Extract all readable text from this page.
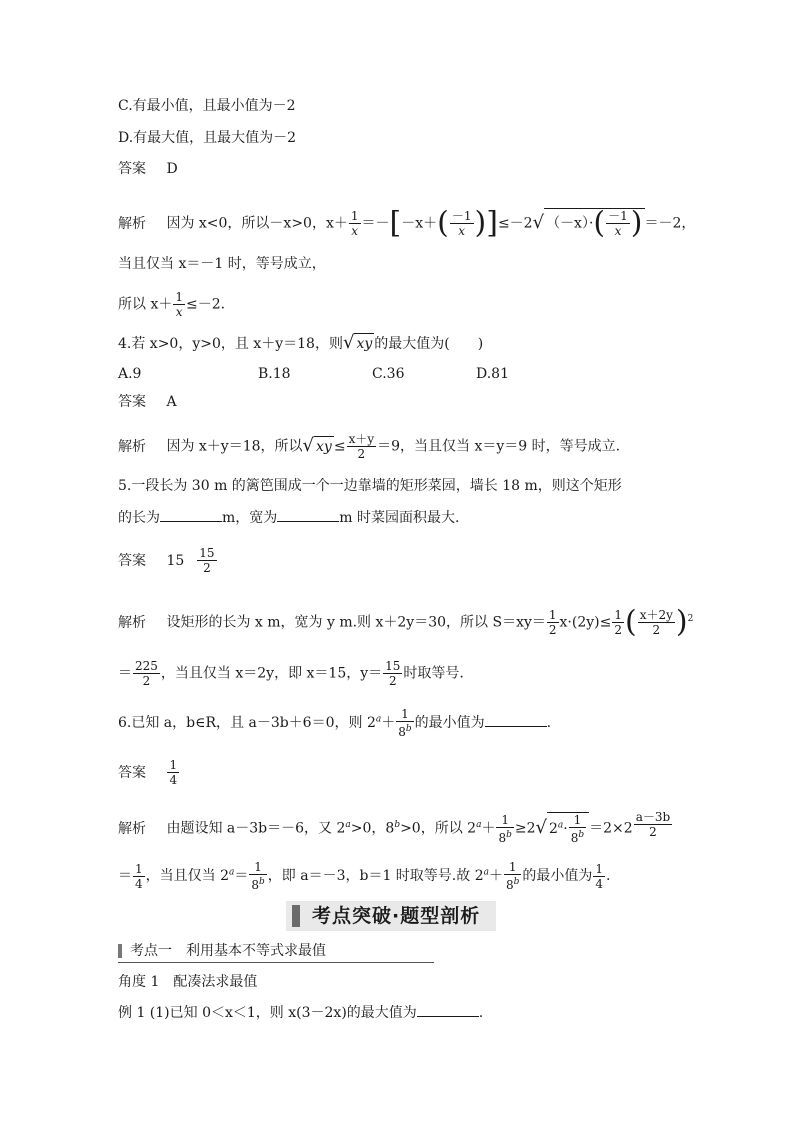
C.有最小值，且最小值为－2
D.有最大值，且最大值为－2
答案 D
解析 因为 x<0，所以－x>0，$x+ \frac{1}{x} =-[-x+( \frac{-1}{x} )]\le-2√$ $(-x)\cdot( \frac{-1}{x}$ ) ＝－2，
当且仅当 x＝－1 时，等号成立，
所以 $x+ \frac{1}{x} \le-2$.
4.若 x>0，y>0，且 x＋y＝18，则√ xy 的最大值为(　　)
A.9	B.18	C.36	D.81
答案 A
解析 因为 x＋y＝18，所以√ xy ≤ $\frac{x+y}{2} =9$，当且仅当 x＝y＝9 时，等号成立.
5.一段长为 30 m 的篱笆围成一个一边靠墙的矩形菜园，墙长 18 m，则这个矩形
的长为	m，宽为	m 时菜园面积最大.
答案 $15 \frac{15}{2}$
解析 设矩形的长为 x m，宽为 y m.则 x＋2y＝30，所以 $S=xy= \frac{1}{2} x\cdot(2y)\le \frac{1}{2}$ ( $\frac{x+2y}{2} )^2$
＝ $\frac{225}{2}$ ，当且仅当 x＝2y，即 x＝15，$y= \frac{15}{2}$ 时取等号.
6.已知 a，b∈R，且 a－3b＋6＝0，则 $2^a+ \frac{1}{8^b}$ 的最小值为	.
答案 $\frac{1}{4}$
解析 由题设知 a－3b＝－6，又 $2^a>0$，$8^b>0$，所以 $2^a+ \frac{1}{8^b} \ge 2√$ $2^a\cdot \frac{1}{8^b} =2\times 2$ $^{\frac{a-3b}{2}}$
＝ $\frac{1}{4}$ ，当且仅当 $2^a= \frac{1}{8^b}$ ，即 a＝－3，b＝1 时取等号.故 $2^a+ \frac{1}{8^b}$ 的最小值为 $\frac{1}{4}$ .
考点突破·题型剖析
考点一　利用基本不等式求最值
角度 1　配凑法求最值
例 1 (1)已知 0＜x＜1，则 x(3－2x)的最大值为	.
